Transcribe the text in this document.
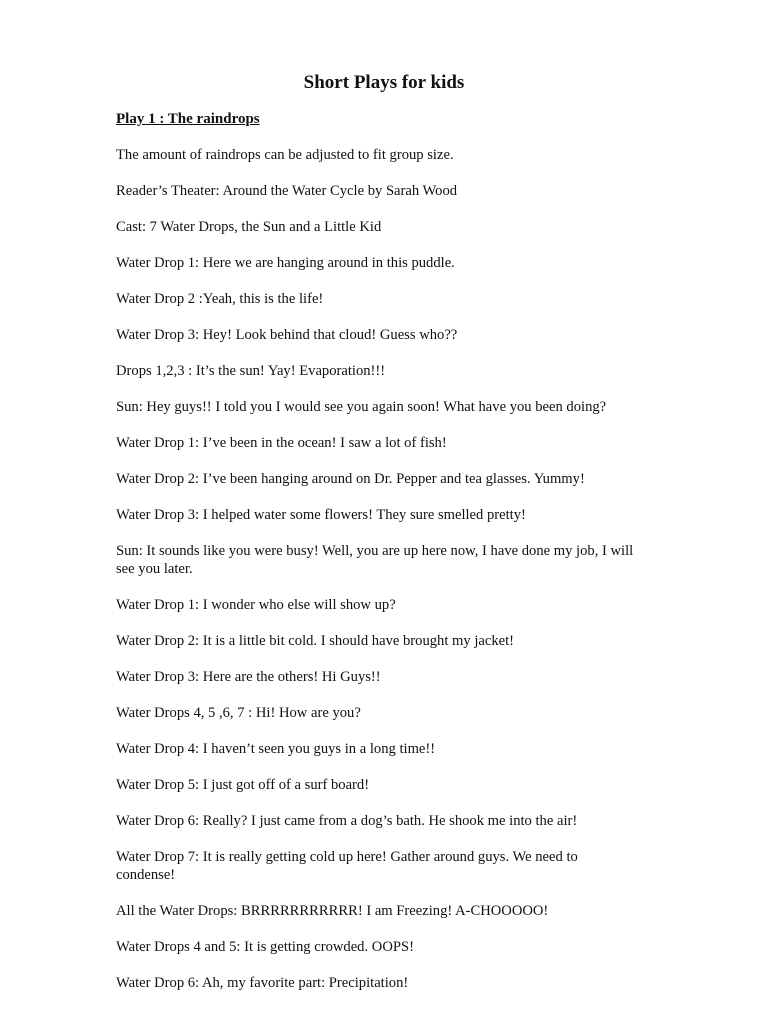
Short Plays for kids
Play 1 : The raindrops
The amount of raindrops can be adjusted to fit group size.
Reader’s Theater: Around the Water Cycle by Sarah Wood
Cast: 7 Water Drops, the Sun and a Little Kid
Water Drop 1: Here we are hanging around in this puddle.
Water Drop 2 :Yeah, this is the life!
Water Drop 3: Hey! Look behind that cloud! Guess who??
Drops 1,2,3 : It’s the sun! Yay! Evaporation!!!
Sun: Hey guys!! I told you I would see you again soon! What have you been doing?
Water Drop 1: I’ve been in the ocean! I saw a lot of fish!
Water Drop 2: I’ve been hanging around on Dr. Pepper and tea glasses. Yummy!
Water Drop 3: I helped water some flowers! They sure smelled pretty!
Sun: It sounds like you were busy! Well, you are up here now, I have done my job, I will see you later.
Water Drop 1: I wonder who else will show up?
Water Drop 2: It is a little bit cold. I should have brought my jacket!
Water Drop 3: Here are the others! Hi Guys!!
Water Drops 4, 5 ,6, 7 : Hi! How are you?
Water Drop 4: I haven’t seen you guys in a long time!!
Water Drop 5: I just got off of a surf board!
Water Drop 6: Really? I just came from a dog’s bath. He shook me into the air!
Water Drop 7: It is really getting cold up here! Gather around guys. We need to condense!
All the Water Drops: BRRRRRRRRRRR! I am Freezing! A-CHOOOOO!
Water Drops 4 and 5: It is getting crowded. OOPS!
Water Drop 6: Ah, my favorite part: Precipitation!
